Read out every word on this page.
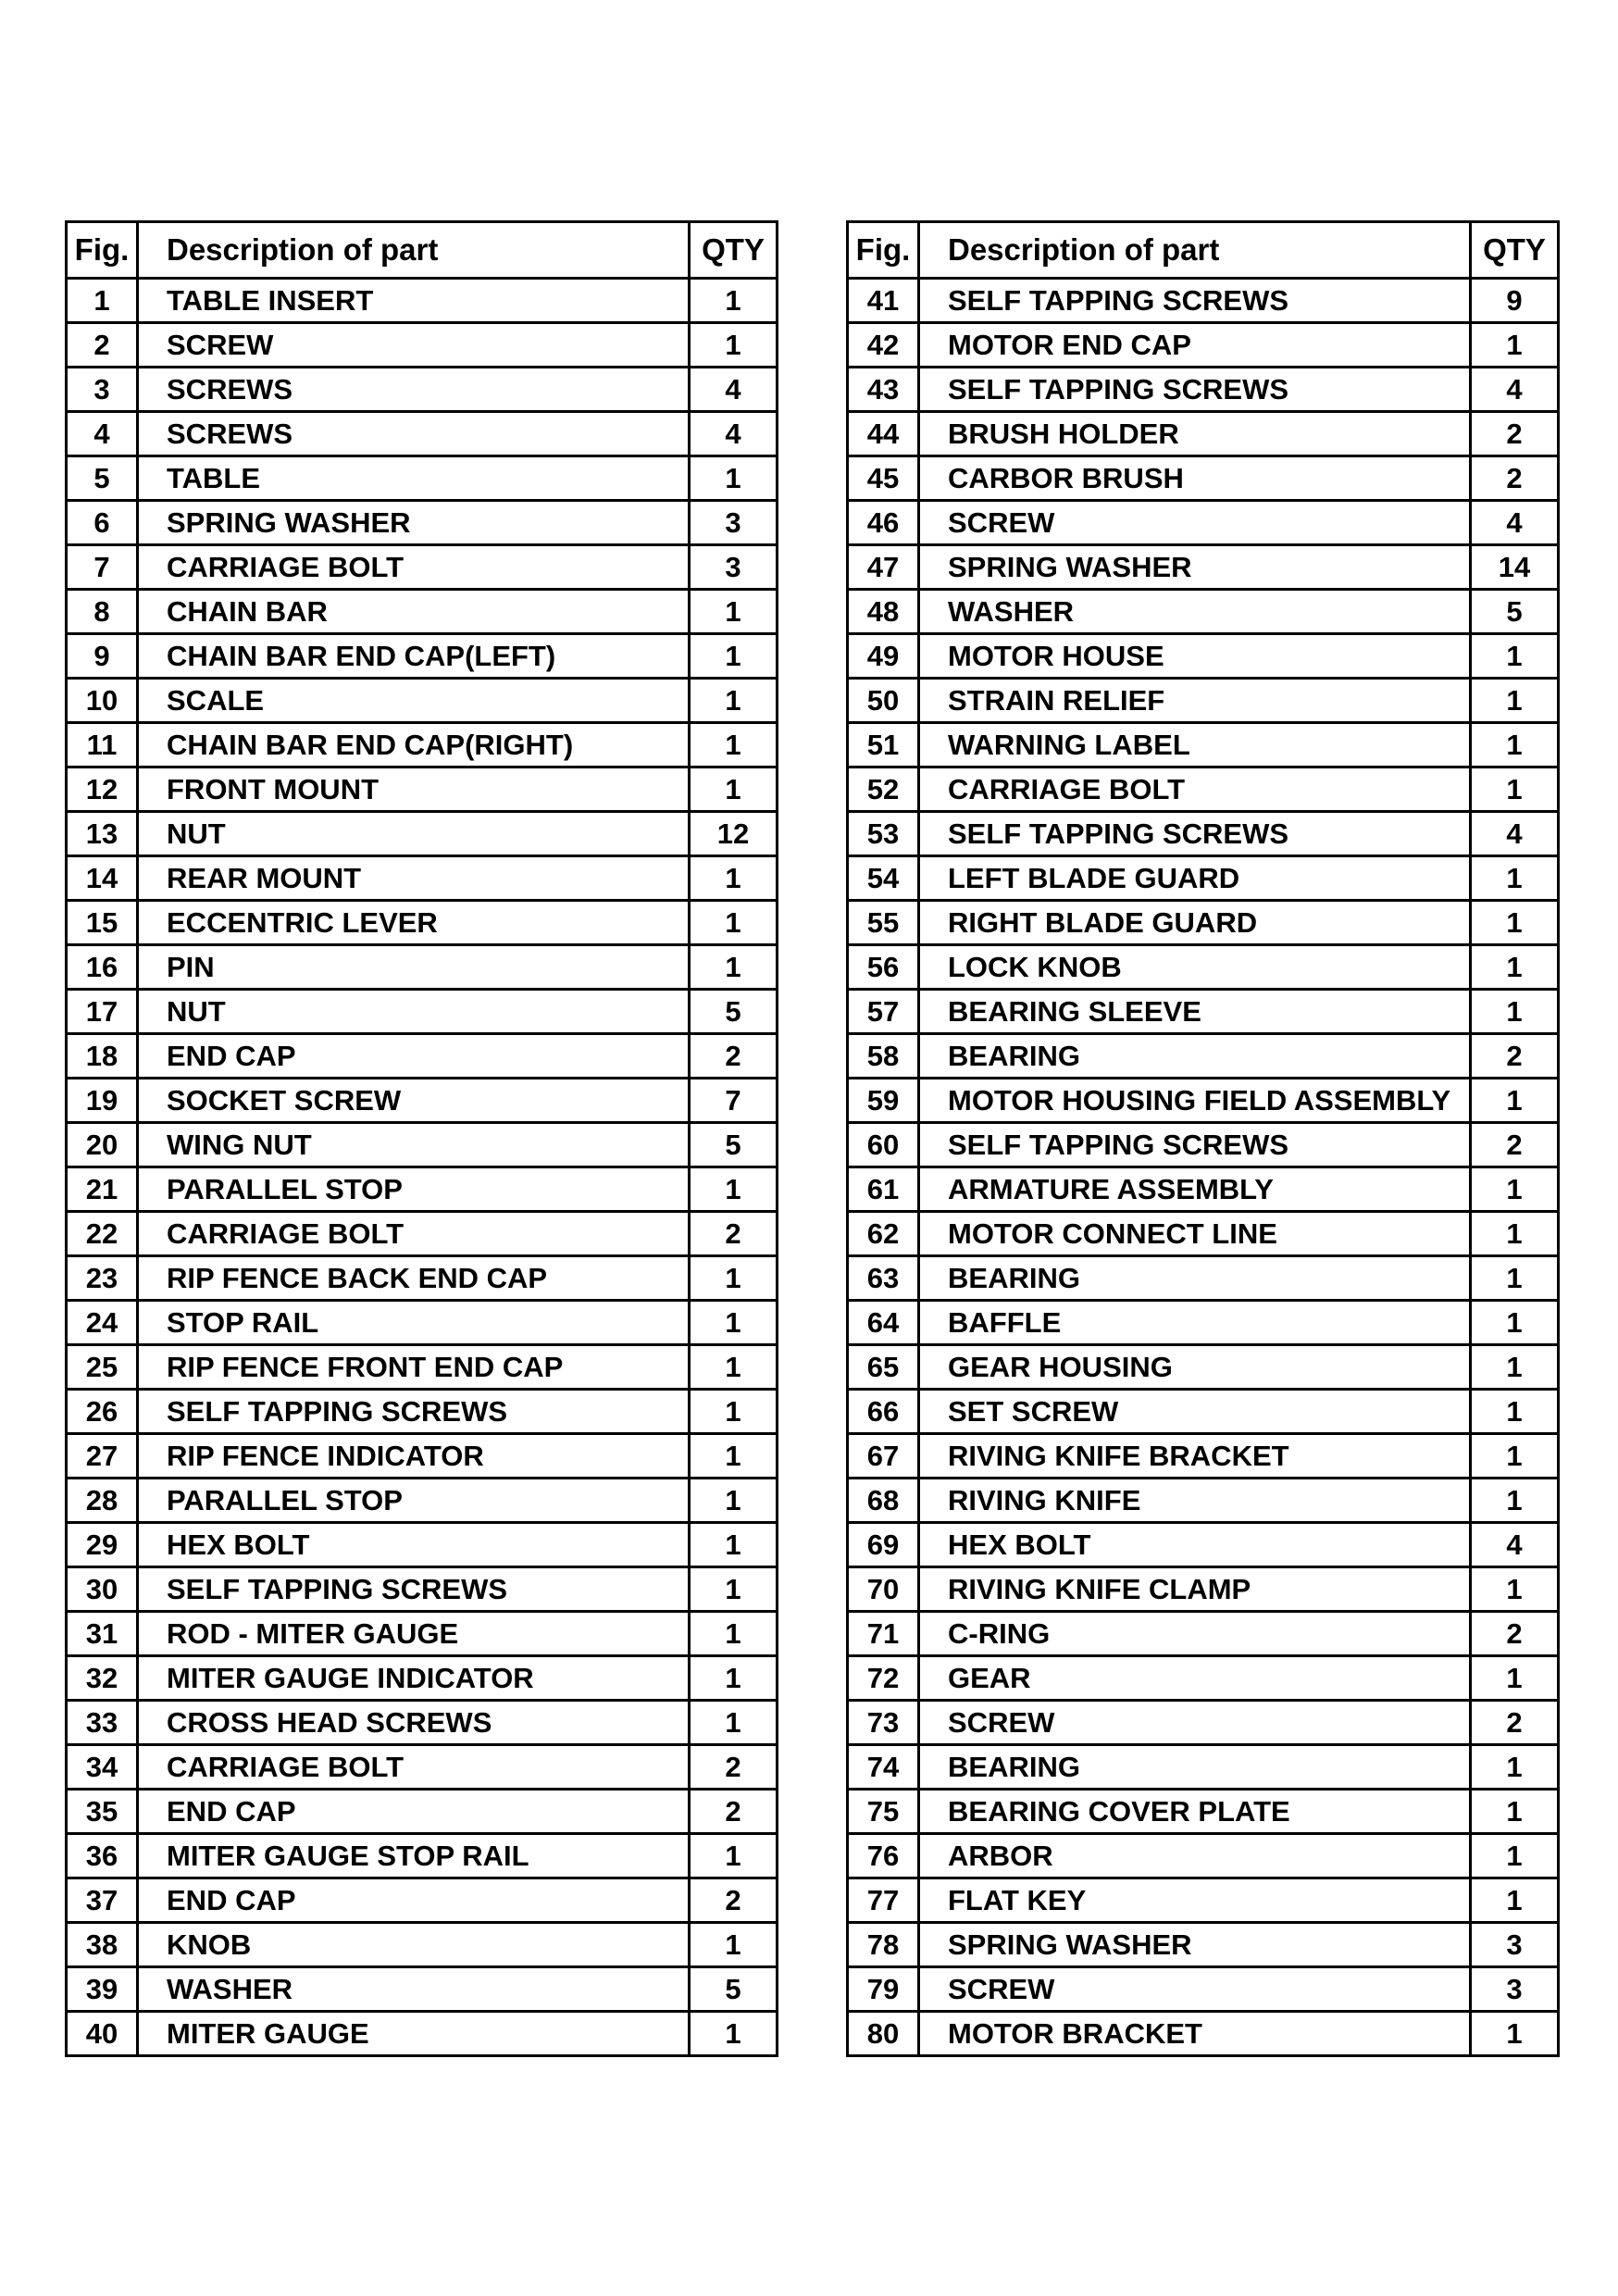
Fig.	Description of part	QTY
1	TABLE INSERT	1
2	SCREW	1
3	SCREWS	4
4	SCREWS	4
5	TABLE	1
6	SPRING WASHER	3
7	CARRIAGE BOLT	3
8	CHAIN BAR	1
9	CHAIN BAR END CAP(LEFT)	1
10	SCALE	1
11	CHAIN BAR END CAP(RIGHT)	1
12	FRONT MOUNT	1
13	NUT	12
14	REAR MOUNT	1
15	ECCENTRIC LEVER	1
16	PIN	1
17	NUT	5
18	END CAP	2
19	SOCKET SCREW	7
20	WING NUT	5
21	PARALLEL STOP	1
22	CARRIAGE BOLT	2
23	RIP FENCE BACK END CAP	1
24	STOP RAIL	1
25	RIP FENCE FRONT END CAP	1
26	SELF TAPPING SCREWS	1
27	RIP FENCE INDICATOR	1
28	PARALLEL STOP	1
29	HEX BOLT	1
30	SELF TAPPING SCREWS	1
31	ROD - MITER GAUGE	1
32	MITER GAUGE INDICATOR	1
33	CROSS HEAD SCREWS	1
34	CARRIAGE BOLT	2
35	END CAP	2
36	MITER GAUGE STOP RAIL	1
37	END CAP	2
38	KNOB	1
39	WASHER	5
40	MITER GAUGE	1
Fig.	Description of part	QTY
41	SELF TAPPING SCREWS	9
42	MOTOR END CAP	1
43	SELF TAPPING SCREWS	4
44	BRUSH HOLDER	2
45	CARBOR BRUSH	2
46	SCREW	4
47	SPRING WASHER	14
48	WASHER	5
49	MOTOR HOUSE	1
50	STRAIN RELIEF	1
51	WARNING LABEL	1
52	CARRIAGE BOLT	1
53	SELF TAPPING SCREWS	4
54	LEFT BLADE GUARD	1
55	RIGHT BLADE GUARD	1
56	LOCK KNOB	1
57	BEARING SLEEVE	1
58	BEARING	2
59	MOTOR HOUSING FIELD ASSEMBLY	1
60	SELF TAPPING SCREWS	2
61	ARMATURE ASSEMBLY	1
62	MOTOR CONNECT LINE	1
63	BEARING	1
64	BAFFLE	1
65	GEAR HOUSING	1
66	SET SCREW	1
67	RIVING KNIFE BRACKET	1
68	RIVING KNIFE	1
69	HEX BOLT	4
70	RIVING KNIFE CLAMP	1
71	C-RING	2
72	GEAR	1
73	SCREW	2
74	BEARING	1
75	BEARING COVER PLATE	1
76	ARBOR	1
77	FLAT KEY	1
78	SPRING WASHER	3
79	SCREW	3
80	MOTOR BRACKET	1
